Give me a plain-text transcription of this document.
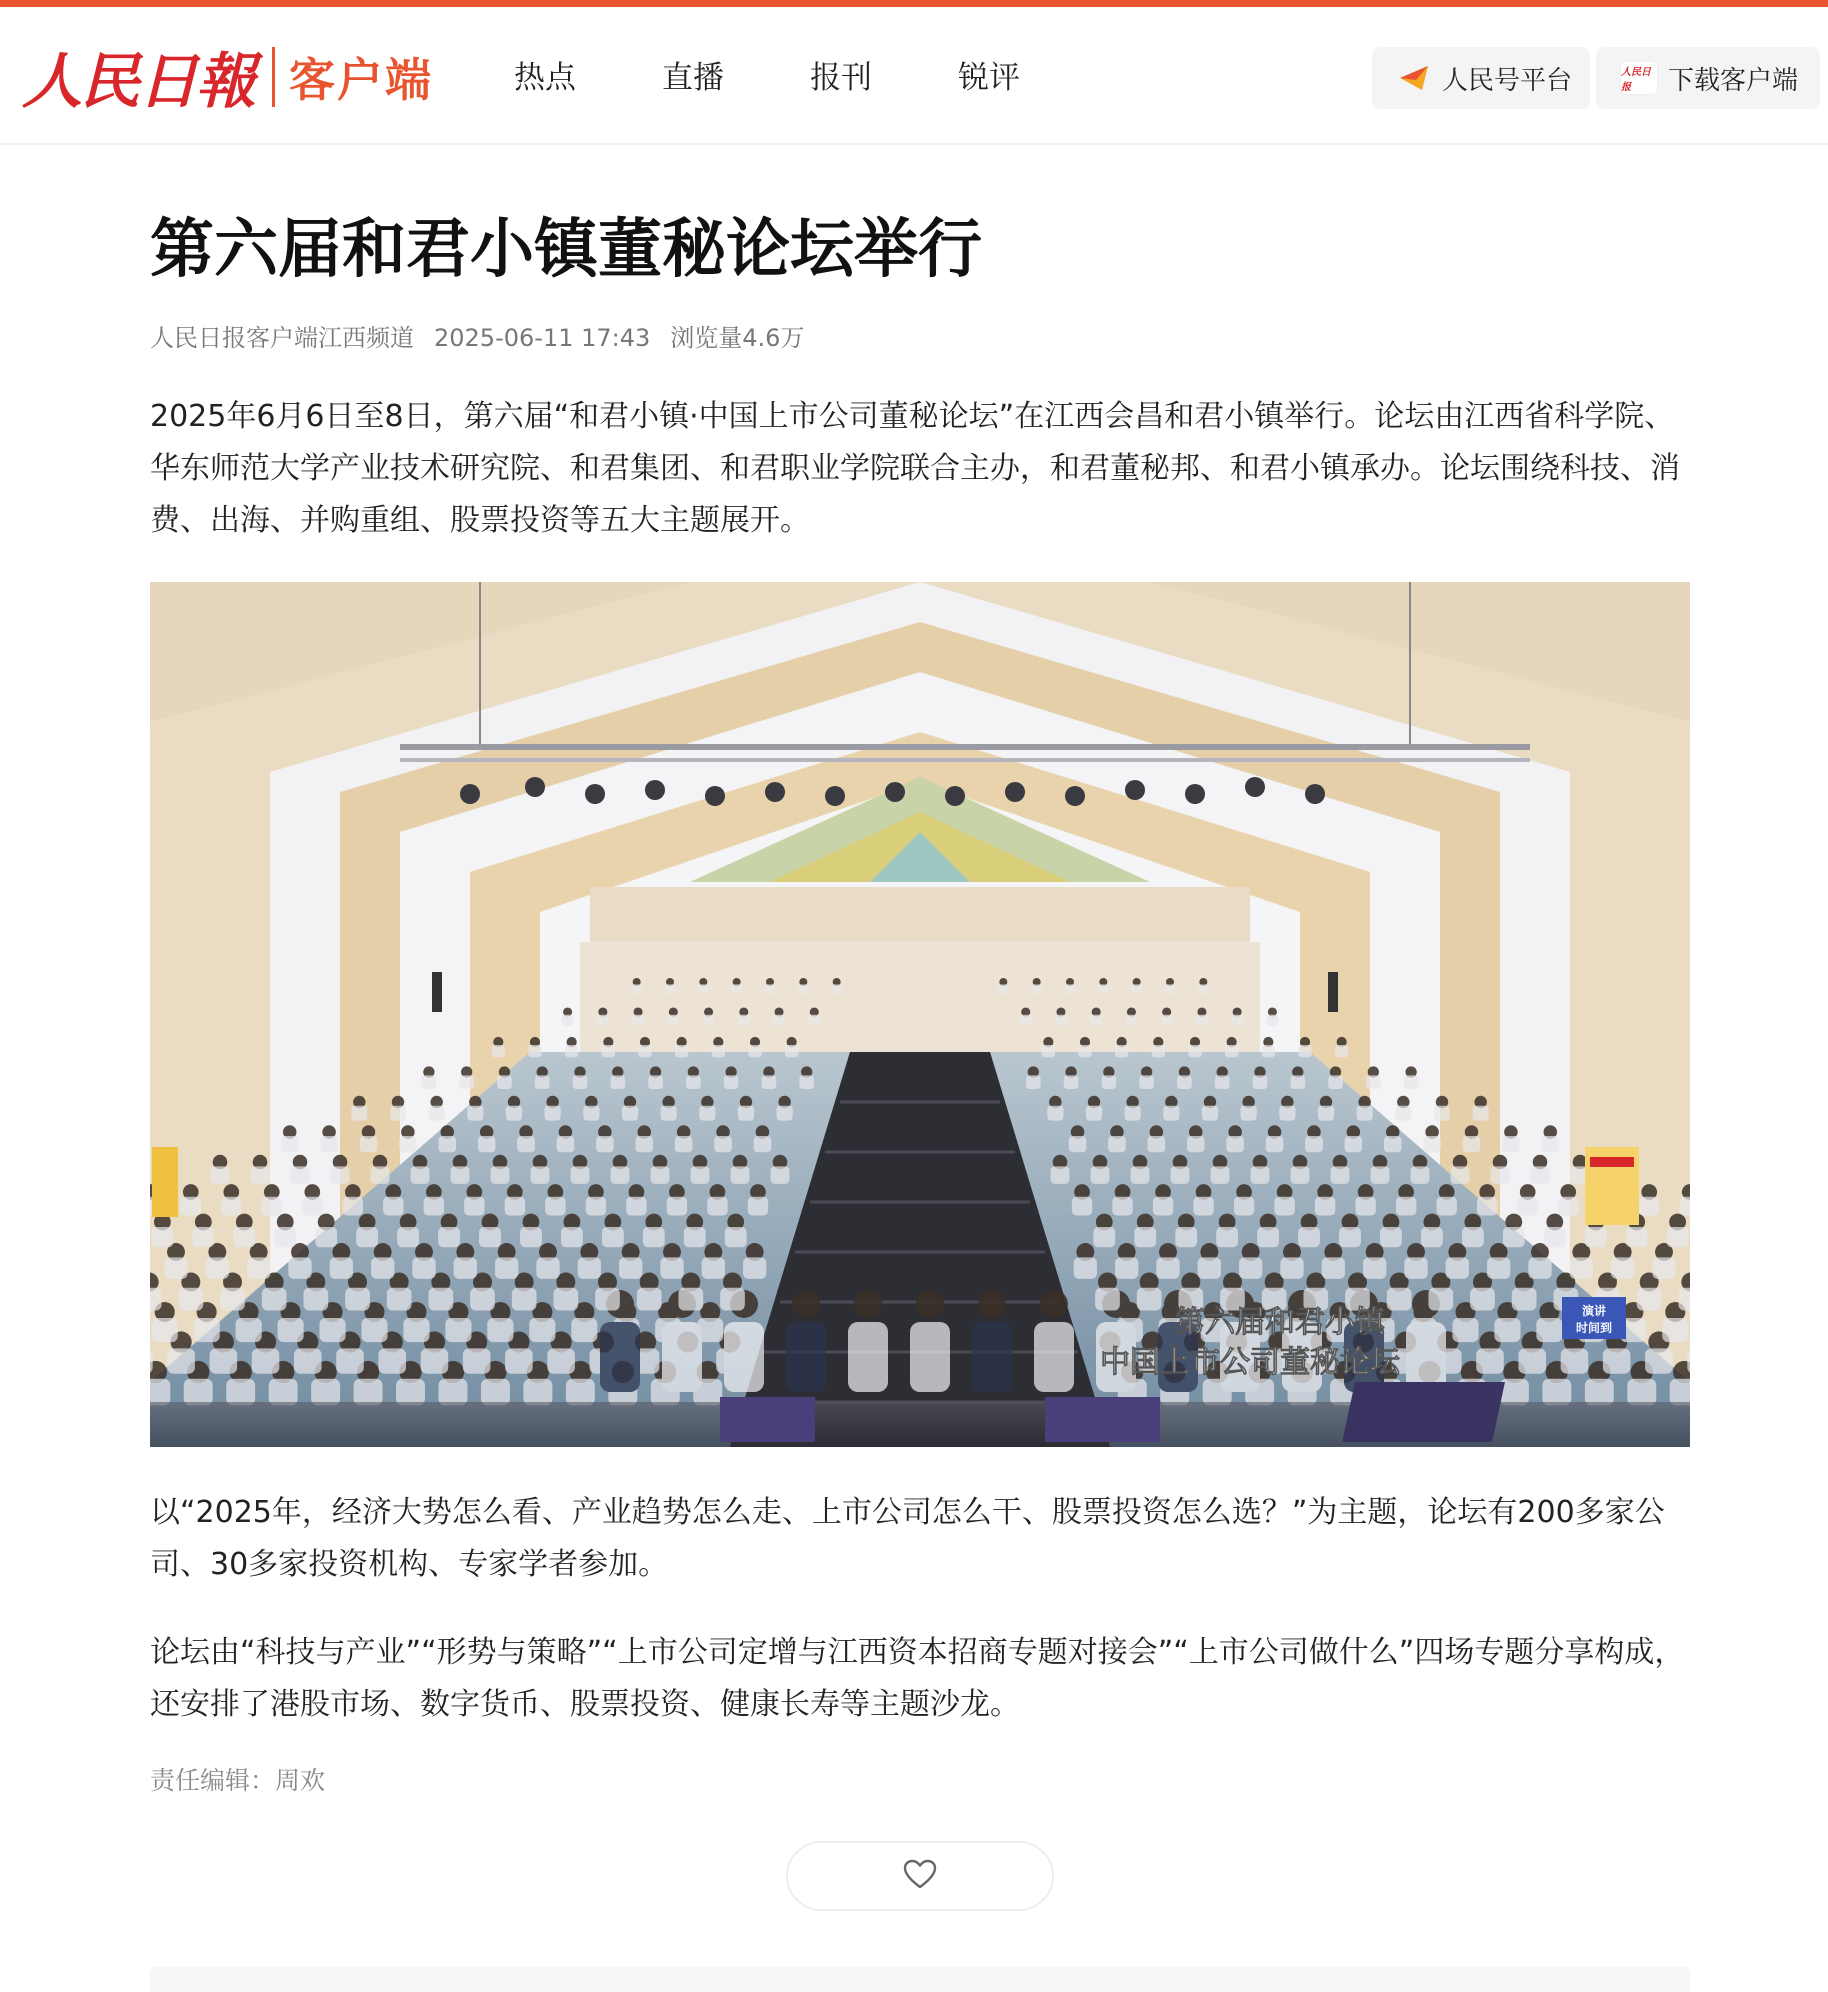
人民日報 客户端	热点	直播	报刊	锐评	人民号平台	人民日报	下载客户端
第六届和君小镇董秘论坛举行
人民日报客户端江西频道 2025-06-11 17:43 浏览量4.6万

2025年6月6日至8日，第六届“和君小镇·中国上市公司董秘论坛”在江西会昌和君小镇举行。论坛由江西省科学院、华东师范大学产业技术研究院、和君集团、和君职业学院联合主办，和君董秘邦、和君小镇承办。论坛围绕科技、消费、出海、并购重组、股票投资等五大主题展开。

第六届和君小镇
中国上市公司董秘论坛
演讲
时间到

以“2025年，经济大势怎么看、产业趋势怎么走、上市公司怎么干、股票投资怎么选？”为主题，论坛有200多家公司、30多家投资机构、专家学者参加。

论坛由“科技与产业”“形势与策略”“上市公司定增与江西资本招商专题对接会”“上市公司做什么”四场专题分享构成，还安排了港股市场、数字货币、股票投资、健康长寿等主题沙龙。

责任编辑：周欢
